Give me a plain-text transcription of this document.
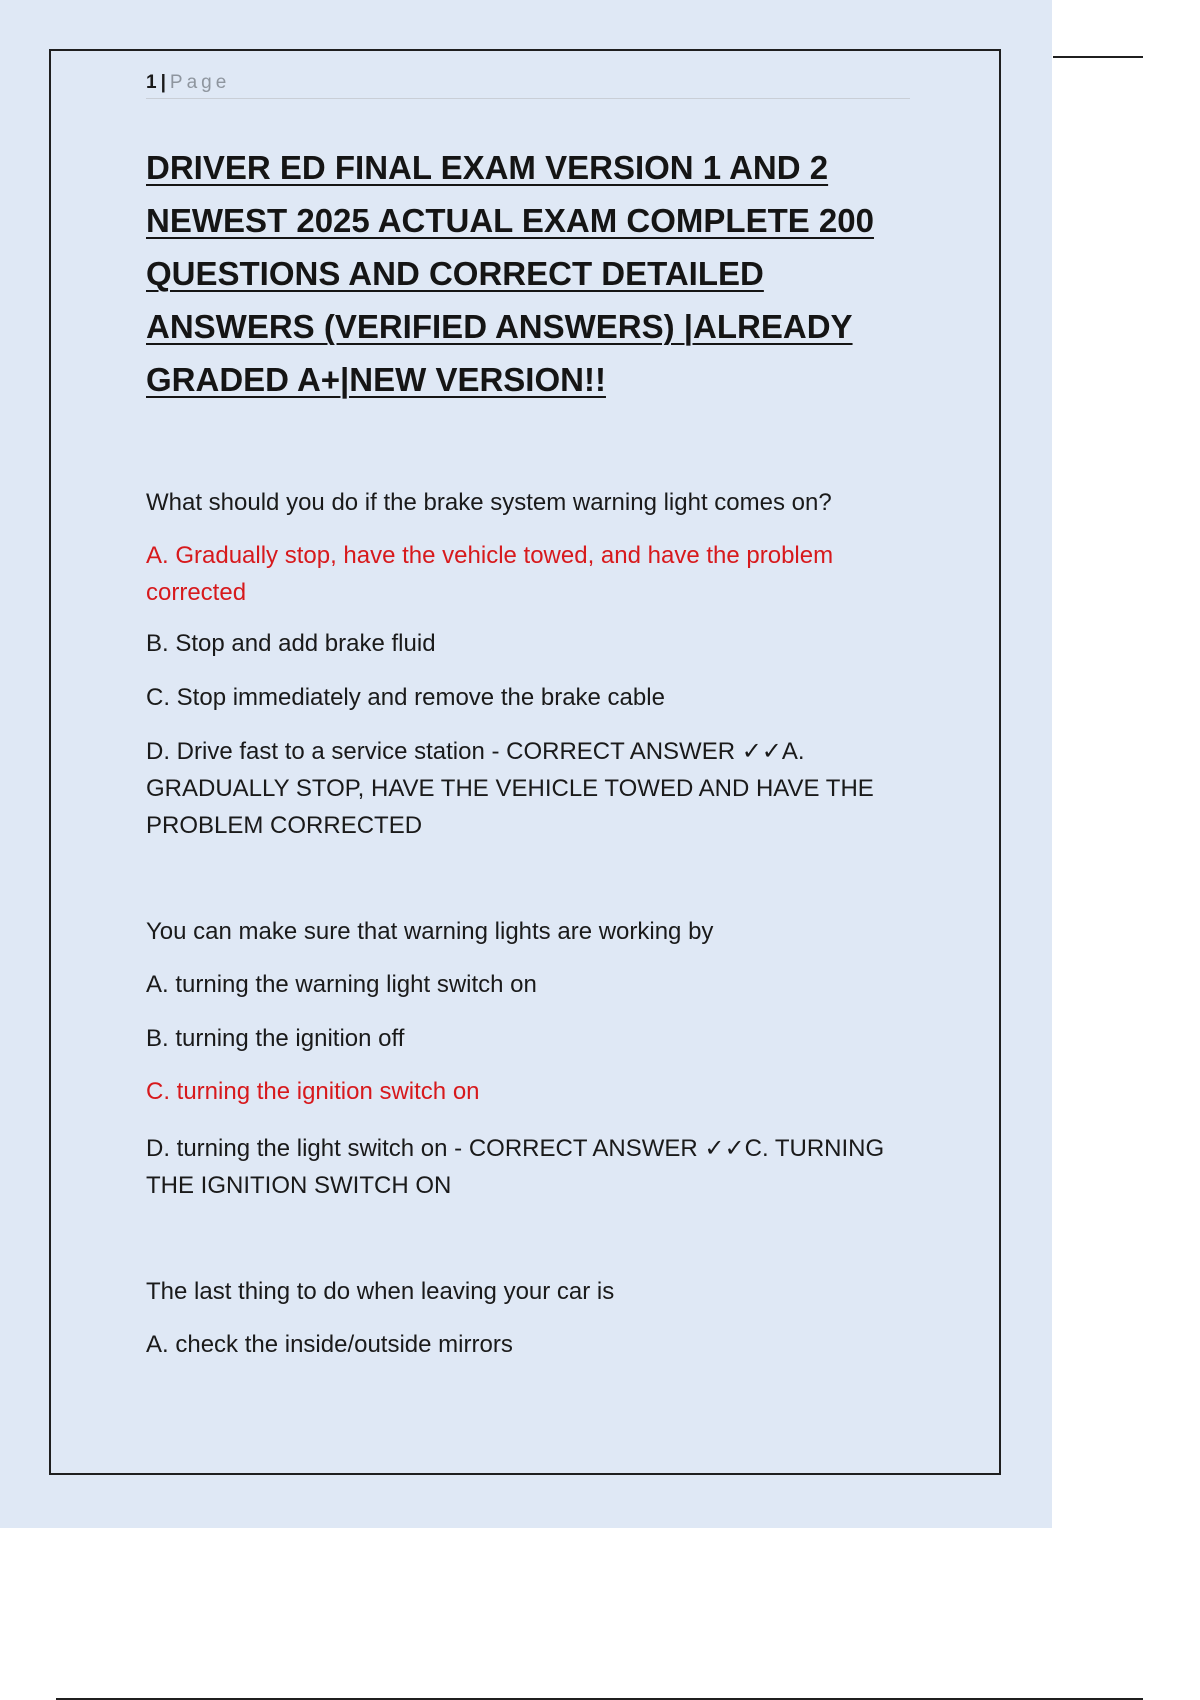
1 | Page
DRIVER ED FINAL EXAM VERSION 1 AND 2 NEWEST 2025 ACTUAL EXAM COMPLETE 200 QUESTIONS AND CORRECT DETAILED ANSWERS (VERIFIED ANSWERS) |ALREADY GRADED A+|NEW VERSION!!

What should you do if the brake system warning light comes on?

A. Gradually stop, have the vehicle towed, and have the problem corrected

B. Stop and add brake fluid

C. Stop immediately and remove the brake cable

D. Drive fast to a service station - CORRECT ANSWER ✓✓A. GRADUALLY STOP, HAVE THE VEHICLE TOWED AND HAVE THE PROBLEM CORRECTED

You can make sure that warning lights are working by

A. turning the warning light switch on

B. turning the ignition off

C. turning the ignition switch on

D. turning the light switch on - CORRECT ANSWER ✓✓C. TURNING THE IGNITION SWITCH ON

The last thing to do when leaving your car is

A. check the inside/outside mirrors
